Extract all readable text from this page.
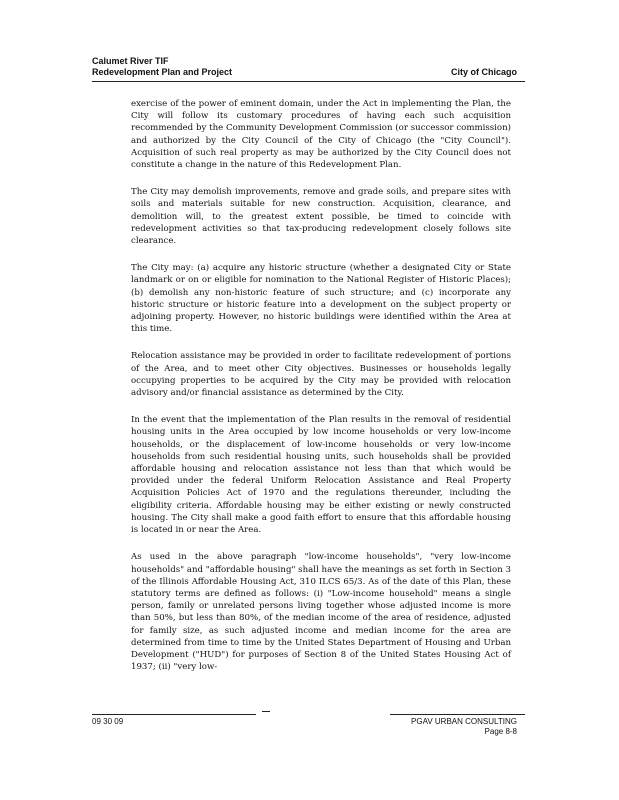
Calumet River TIF
Redevelopment Plan and Project	City of Chicago

exercise of the power of eminent domain, under the Act in implementing the Plan, the City will follow its customary procedures of having each such acquisition recommended by the Community Development Commission (or successor commission) and authorized by the City Council of the City of Chicago (the "City Council"). Acquisition of such real property as may be authorized by the City Council does not constitute a change in the nature of this Redevelopment Plan.

The City may demolish improvements, remove and grade soils, and prepare sites with soils and materials suitable for new construction. Acquisition, clearance, and demolition will, to the greatest extent possible, be timed to coincide with redevelopment activities so that tax-producing redevelopment closely follows site clearance.

The City may: (a) acquire any historic structure (whether a designated City or State landmark or on or eligible for nomination to the National Register of Historic Places); (b) demolish any non-historic feature of such structure; and (c) incorporate any historic structure or historic feature into a development on the subject property or adjoining property. However, no historic buildings were identified within the Area at this time.

Relocation assistance may be provided in order to facilitate redevelopment of portions of the Area, and to meet other City objectives. Businesses or households legally occupying properties to be acquired by the City may be provided with relocation advisory and/or financial assistance as determined by the City.

In the event that the implementation of the Plan results in the removal of residential housing units in the Area occupied by low income households or very low-income households, or the displacement of low-income households or very low-income households from such residential housing units, such households shall be provided affordable housing and relocation assistance not less than that which would be provided under the federal Uniform Relocation Assistance and Real Property Acquisition Policies Act of 1970 and the regulations thereunder, including the eligibility criteria. Affordable housing may be either existing or newly constructed housing. The City shall make a good faith effort to ensure that this affordable housing is located in or near the Area.

As used in the above paragraph "low-income households", "very low-income households" and "affordable housing" shall have the meanings as set forth in Section 3 of the Illinois Affordable Housing Act, 310 ILCS 65/3. As of the date of this Plan, these statutory terms are defined as follows: (i) "Low-income household" means a single person, family or unrelated persons living together whose adjusted income is more than 50%, but less than 80%, of the median income of the area of residence, adjusted for family size, as such adjusted income and median income for the area are determined from time to time by the United States Department of Housing and Urban Development ("HUD") for purposes of Section 8 of the United States Housing Act of 1937; (ii) "very low-

09 30 09	PGAV URBAN CONSULTING
Page 8-8
